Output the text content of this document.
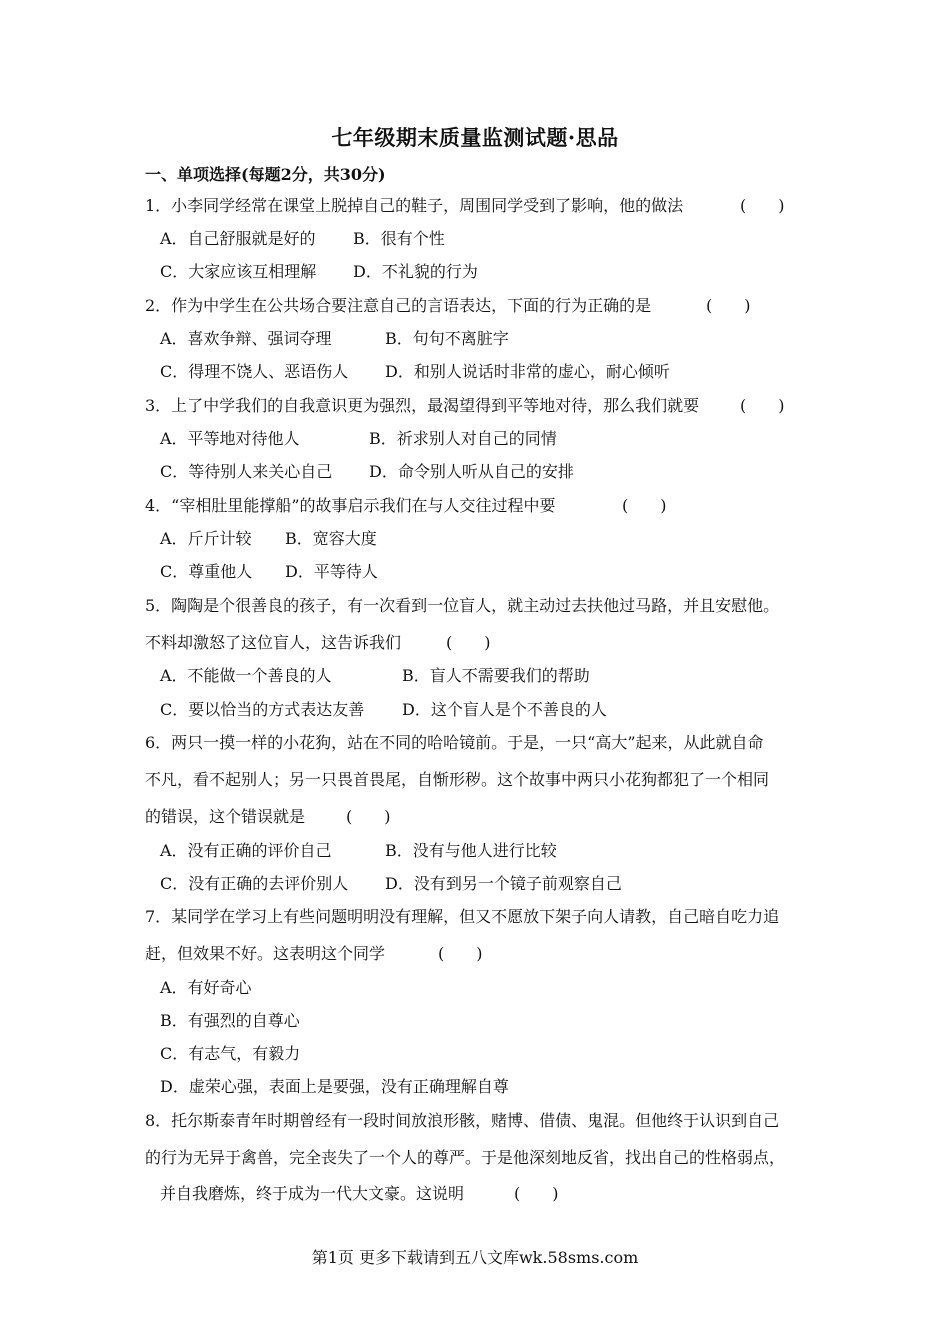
七年级期末质量监测试题·思品
一、单项选择(每题2分，共30分)
1．小李同学经常在课堂上脱掉自己的鞋子，周围同学受到了影响，他的做法	(　　)
A．自己舒服就是好的 B．很有个性
C．大家应该互相理解 D．不礼貌的行为
2．作为中学生在公共场合要注意自己的言语表达，下面的行为正确的是	(　　)
A．喜欢争辩、强词夺理	B．句句不离脏字
C．得理不饶人、恶语伤人 D．和别人说话时非常的虚心，耐心倾听
3．上了中学我们的自我意识更为强烈，最渴望得到平等地对待，那么我们就要	(　　)
A．平等地对待他人	B．祈求别人对自己的同情
C．等待别人来关心自己 D．命令别人听从自己的安排
4．“宰相肚里能撑船”的故事启示我们在与人交往过程中要	(　　)
A．斤斤计较 B．宽容大度
C．尊重他人 D．平等待人
5．陶陶是个很善良的孩子，有一次看到一位盲人，就主动过去扶他过马路，并且安慰他。
不料却激怒了这位盲人，这告诉我们	(　　)
A．不能做一个善良的人	B．盲人不需要我们的帮助
C．要以恰当的方式表达友善 D．这个盲人是个不善良的人
6．两只一摸一样的小花狗，站在不同的哈哈镜前。于是，一只“高大”起来，从此就自命
不凡，看不起别人；另一只畏首畏尾，自惭形秽。这个故事中两只小花狗都犯了一个相同
的错误，这个错误就是	(　　)
A．没有正确的评价自己	B．没有与他人进行比较
C．没有正确的去评价别人 D．没有到另一个镜子前观察自己
7．某同学在学习上有些问题明明没有理解，但又不愿放下架子向人请教，自己暗自吃力追
赶，但效果不好。这表明这个同学	(　　)
A．有好奇心
B．有强烈的自尊心
C．有志气，有毅力
D．虚荣心强，表面上是要强，没有正确理解自尊
8．托尔斯泰青年时期曾经有一段时间放浪形骸，赌博、借债、鬼混。但他终于认识到自己
的行为无异于禽兽，完全丧失了一个人的尊严。于是他深刻地反省，找出自己的性格弱点，
并自我磨炼，终于成为一代大文豪。这说明	(　　)
第1页 更多下载请到五八文库wk.58sms.com
